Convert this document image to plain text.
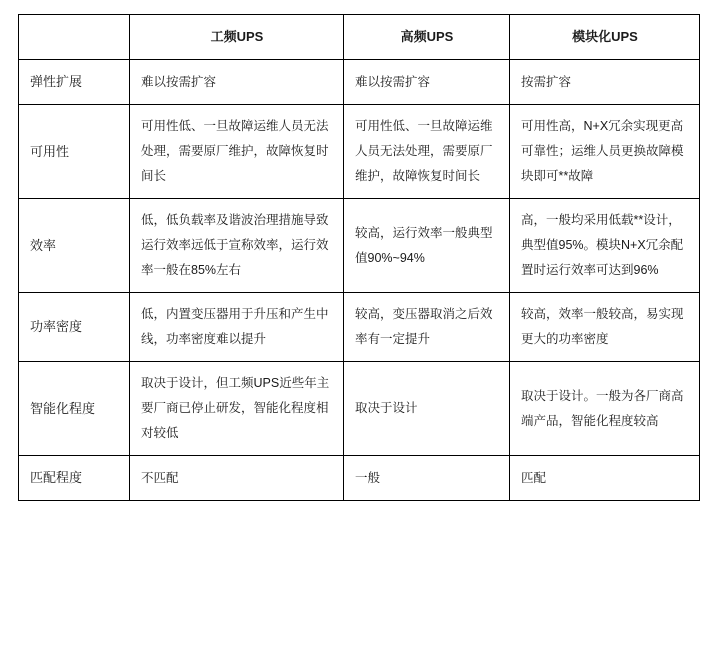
	工频UPS	高频UPS	模块化UPS
弹性扩展	难以按需扩容	难以按需扩容	按需扩容
可用性	可用性低、一旦故障运维人员无法处理，需要原厂维护，故障恢复时间长	可用性低、一旦故障运维人员无法处理，需要原厂维护，故障恢复时间长	可用性高，N+X冗余实现更高可靠性；运维人员更换故障模块即可**故障
效率	低，低负载率及谐波治理措施导致运行效率远低于宣称效率，运行效率一般在85%左右	较高，运行效率一般典型值90%~94%	高，一般均采用低载**设计，典型值95%。模块N+X冗余配置时运行效率可达到96%
功率密度	低，内置变压器用于升压和产生中线，功率密度难以提升	较高，变压器取消之后效率有一定提升	较高，效率一般较高，易实现更大的功率密度
智能化程度	取决于设计，但工频UPS近些年主要厂商已停止研发，智能化程度相对较低	取决于设计	取决于设计。一般为各厂商高端产品，智能化程度较高
匹配程度	不匹配	一般	匹配
